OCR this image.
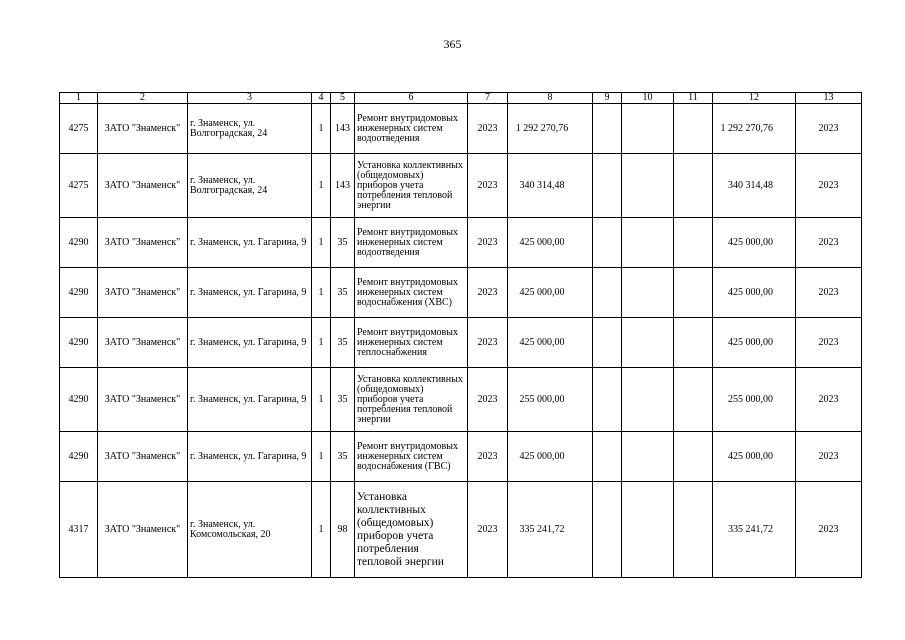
365
1	2	3	4	5	6	7	8	9	10	11	12	13
4275	ЗАТО "Знаменск"	г. Знаменск, ул. Волгоградская, 24	1	143	Ремонт внутридомовых инженерных систем водоотведения	2023	1 292 270,76				1 292 270,76	2023
4275	ЗАТО "Знаменск"	г. Знаменск, ул. Волгоградская, 24	1	143	Установка коллективных (общедомовых) приборов учета потребления тепловой энергии	2023	340 314,48				340 314,48	2023
4290	ЗАТО "Знаменск"	г. Знаменск, ул. Гагарина, 9	1	35	Ремонт внутридомовых инженерных систем водоотведения	2023	425 000,00				425 000,00	2023
4290	ЗАТО "Знаменск"	г. Знаменск, ул. Гагарина, 9	1	35	Ремонт внутридомовых инженерных систем водоснабжения (ХВС)	2023	425 000,00				425 000,00	2023
4290	ЗАТО "Знаменск"	г. Знаменск, ул. Гагарина, 9	1	35	Ремонт внутридомовых инженерных систем теплоснабжения	2023	425 000,00				425 000,00	2023
4290	ЗАТО "Знаменск"	г. Знаменск, ул. Гагарина, 9	1	35	Установка коллективных (общедомовых) приборов учета потребления тепловой энергии	2023	255 000,00				255 000,00	2023
4290	ЗАТО "Знаменск"	г. Знаменск, ул. Гагарина, 9	1	35	Ремонт внутридомовых инженерных систем водоснабжения (ГВС)	2023	425 000,00				425 000,00	2023
4317	ЗАТО "Знаменск"	г. Знаменск, ул. Комсомольская, 20	1	98	Установка коллективных (общедомовых) приборов учета потребления тепловой энергии	2023	335 241,72				335 241,72	2023
